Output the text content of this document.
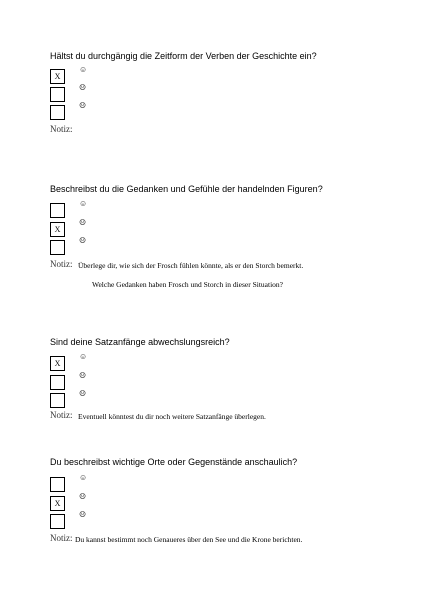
Hältst du durchgängig die Zeitform der Verben der Geschichte ein?
X
☺
☹
☹
Notiz:
Beschreibst du die Gedanken und Gefühle der handelnden Figuren?
☺
X
☹
☹
Notiz: Überlege dir, wie sich der Frosch fühlen könnte, als er den Storch bemerkt.
Welche Gedanken haben Frosch und Storch in dieser Situation?
Sind deine Satzanfänge abwechslungsreich?
X
☺
☹
☹
Notiz: Eventuell könntest du dir noch weitere Satzanfänge überlegen.
Du beschreibst wichtige Orte oder Gegenstände anschaulich?
☺
X
☹
☹
Notiz: Du kannst bestimmt noch Genaueres über den See und die Krone berichten.
